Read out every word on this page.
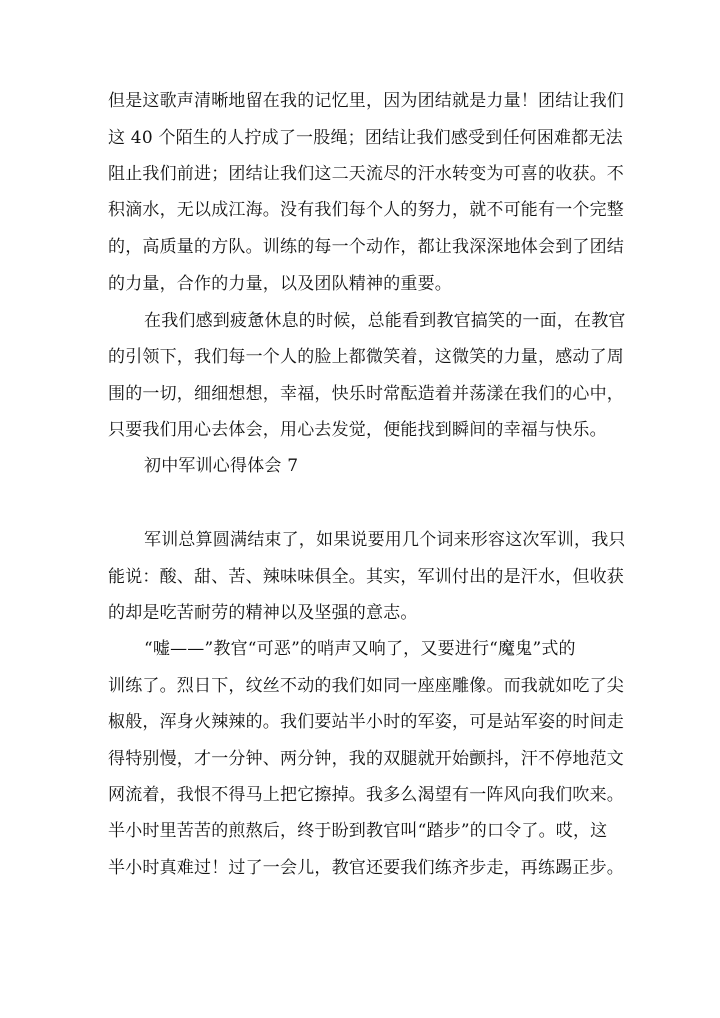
但是这歌声清晰地留在我的记忆里，因为团结就是力量！团结让我们
这 40 个陌生的人拧成了一股绳；团结让我们感受到任何困难都无法
阻止我们前进；团结让我们这二天流尽的汗水转变为可喜的收获。不
积滴水，无以成江海。没有我们每个人的努力，就不可能有一个完整
的，高质量的方队。训练的每一个动作，都让我深深地体会到了团结
的力量，合作的力量，以及团队精神的重要。
在我们感到疲惫休息的时候，总能看到教官搞笑的一面，在教官
的引领下，我们每一个人的脸上都微笑着，这微笑的力量，感动了周
围的一切，细细想想，幸福，快乐时常酝造着并荡漾在我们的心中，
只要我们用心去体会，用心去发觉，便能找到瞬间的幸福与快乐。
初中军训心得体会 7
军训总算圆满结束了，如果说要用几个词来形容这次军训，我只
能说：酸、甜、苦、辣味味俱全。其实，军训付出的是汗水，但收获
的却是吃苦耐劳的精神以及坚强的意志。
“嘘——”教官“可恶”的哨声又响了，又要进行“魔鬼”式的
训练了。烈日下，纹丝不动的我们如同一座座雕像。而我就如吃了尖
椒般，浑身火辣辣的。我们要站半小时的军姿，可是站军姿的时间走
得特别慢，才一分钟、两分钟，我的双腿就开始颤抖，汗不停地范文
网流着，我恨不得马上把它擦掉。我多么渴望有一阵风向我们吹来。
半小时里苦苦的煎熬后，终于盼到教官叫“踏步”的口令了。哎，这
半小时真难过！过了一会儿，教官还要我们练齐步走，再练踢正步。
